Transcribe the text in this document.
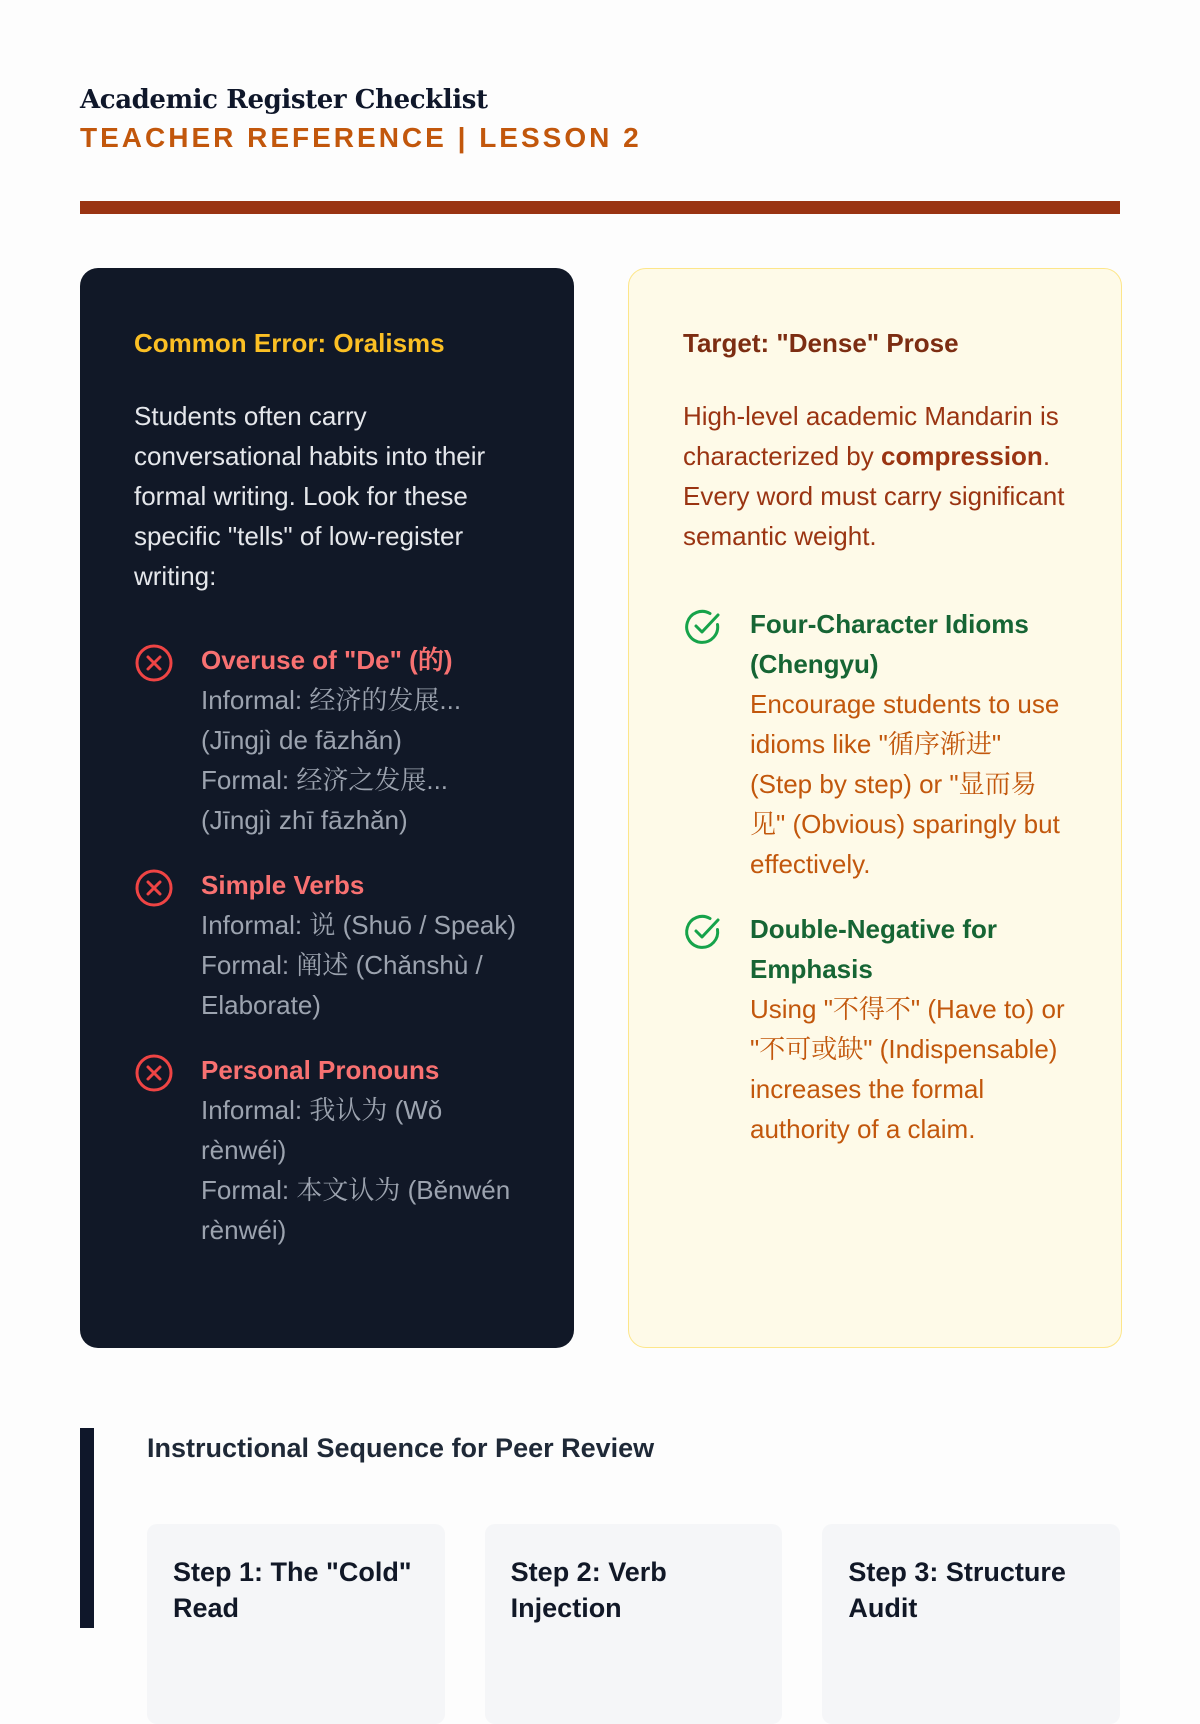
Academic Register Checklist
TEACHER REFERENCE | LESSON 2
Common Error: Oralisms
Students often carry conversational habits into their formal writing. Look for these specific "tells" of low-register writing:
Overuse of "De" (的)
Informal: 经济的发展... (Jīngjì de fāzhǎn)
Formal: 经济之发展... (Jīngjì zhī fāzhǎn)
Simple Verbs
Informal: 说 (Shuō / Speak)
Formal: 阐述 (Chǎnshù / Elaborate)
Personal Pronouns
Informal: 我认为 (Wǒ rènwéi)
Formal: 本文认为 (Běnwén rènwéi)
Target: "Dense" Prose
High-level academic Mandarin is characterized by compression. Every word must carry significant semantic weight.
Four-Character Idioms (Chengyu)
Encourage students to use idioms like "循序渐进" (Step by step) or "显而易见" (Obvious) sparingly but effectively.
Double-Negative for Emphasis
Using "不得不" (Have to) or "不可或缺" (Indispensable) increases the formal authority of a claim.
Instructional Sequence for Peer Review
Step 1: The "Cold" Read
Step 2: Verb Injection
Step 3: Structure Audit
